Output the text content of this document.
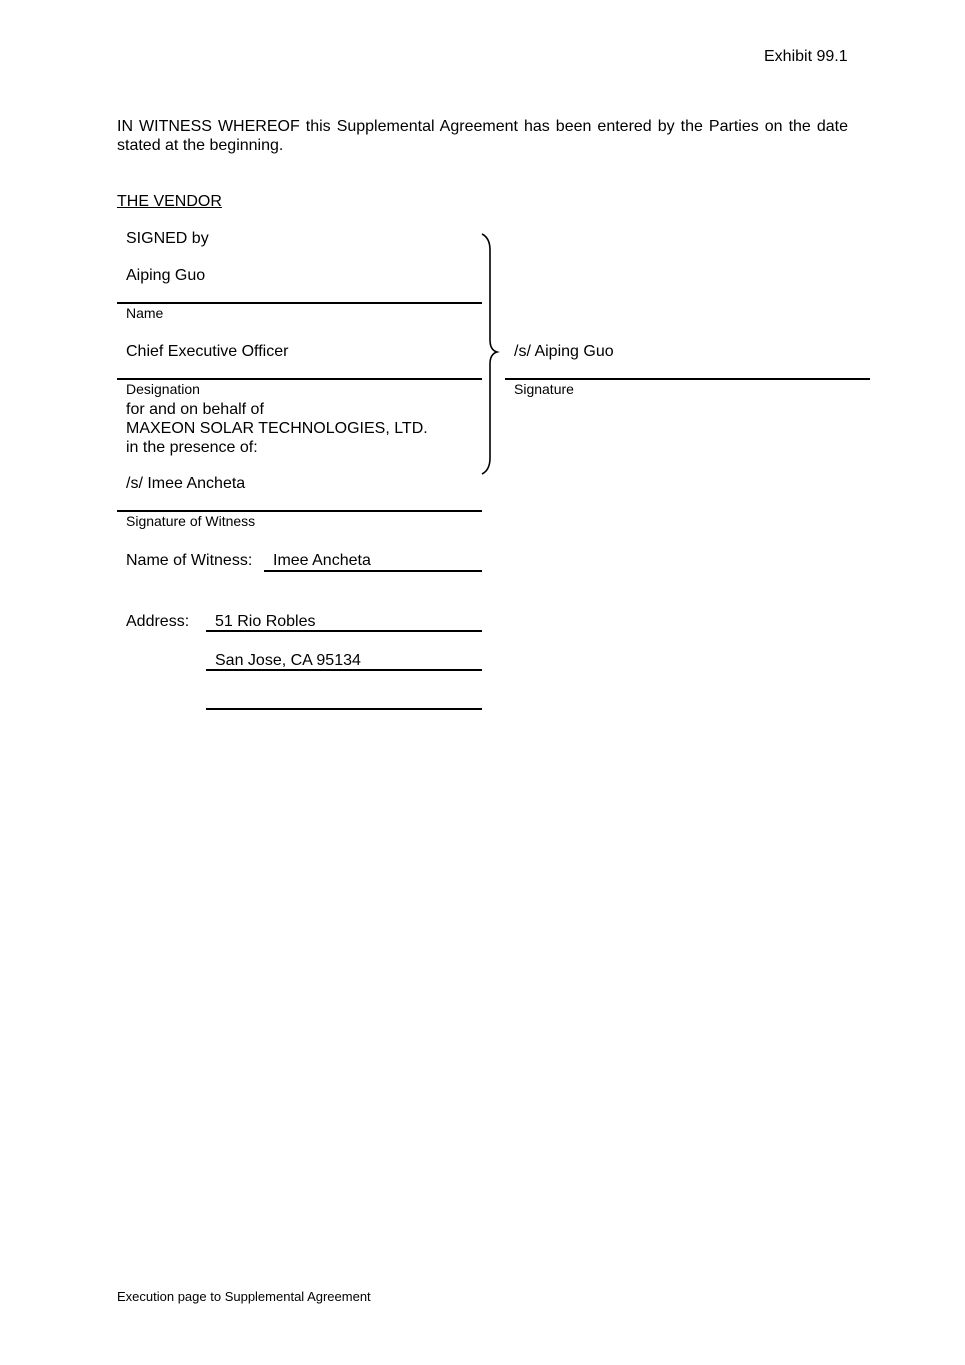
Exhibit 99.1
IN WITNESS WHEREOF this Supplemental Agreement has been entered by the Parties on the date stated at the beginning.
THE VENDOR
SIGNED by
Aiping Guo
Name
Chief Executive Officer
Designation
for and on behalf of
MAXEON SOLAR TECHNOLOGIES, LTD.
in the presence of:
/s/ Aiping Guo
Signature
/s/ Imee Ancheta
Signature of Witness
Name of Witness: Imee Ancheta
Address: 51 Rio Robles
San Jose, CA 95134
Execution page to Supplemental Agreement
